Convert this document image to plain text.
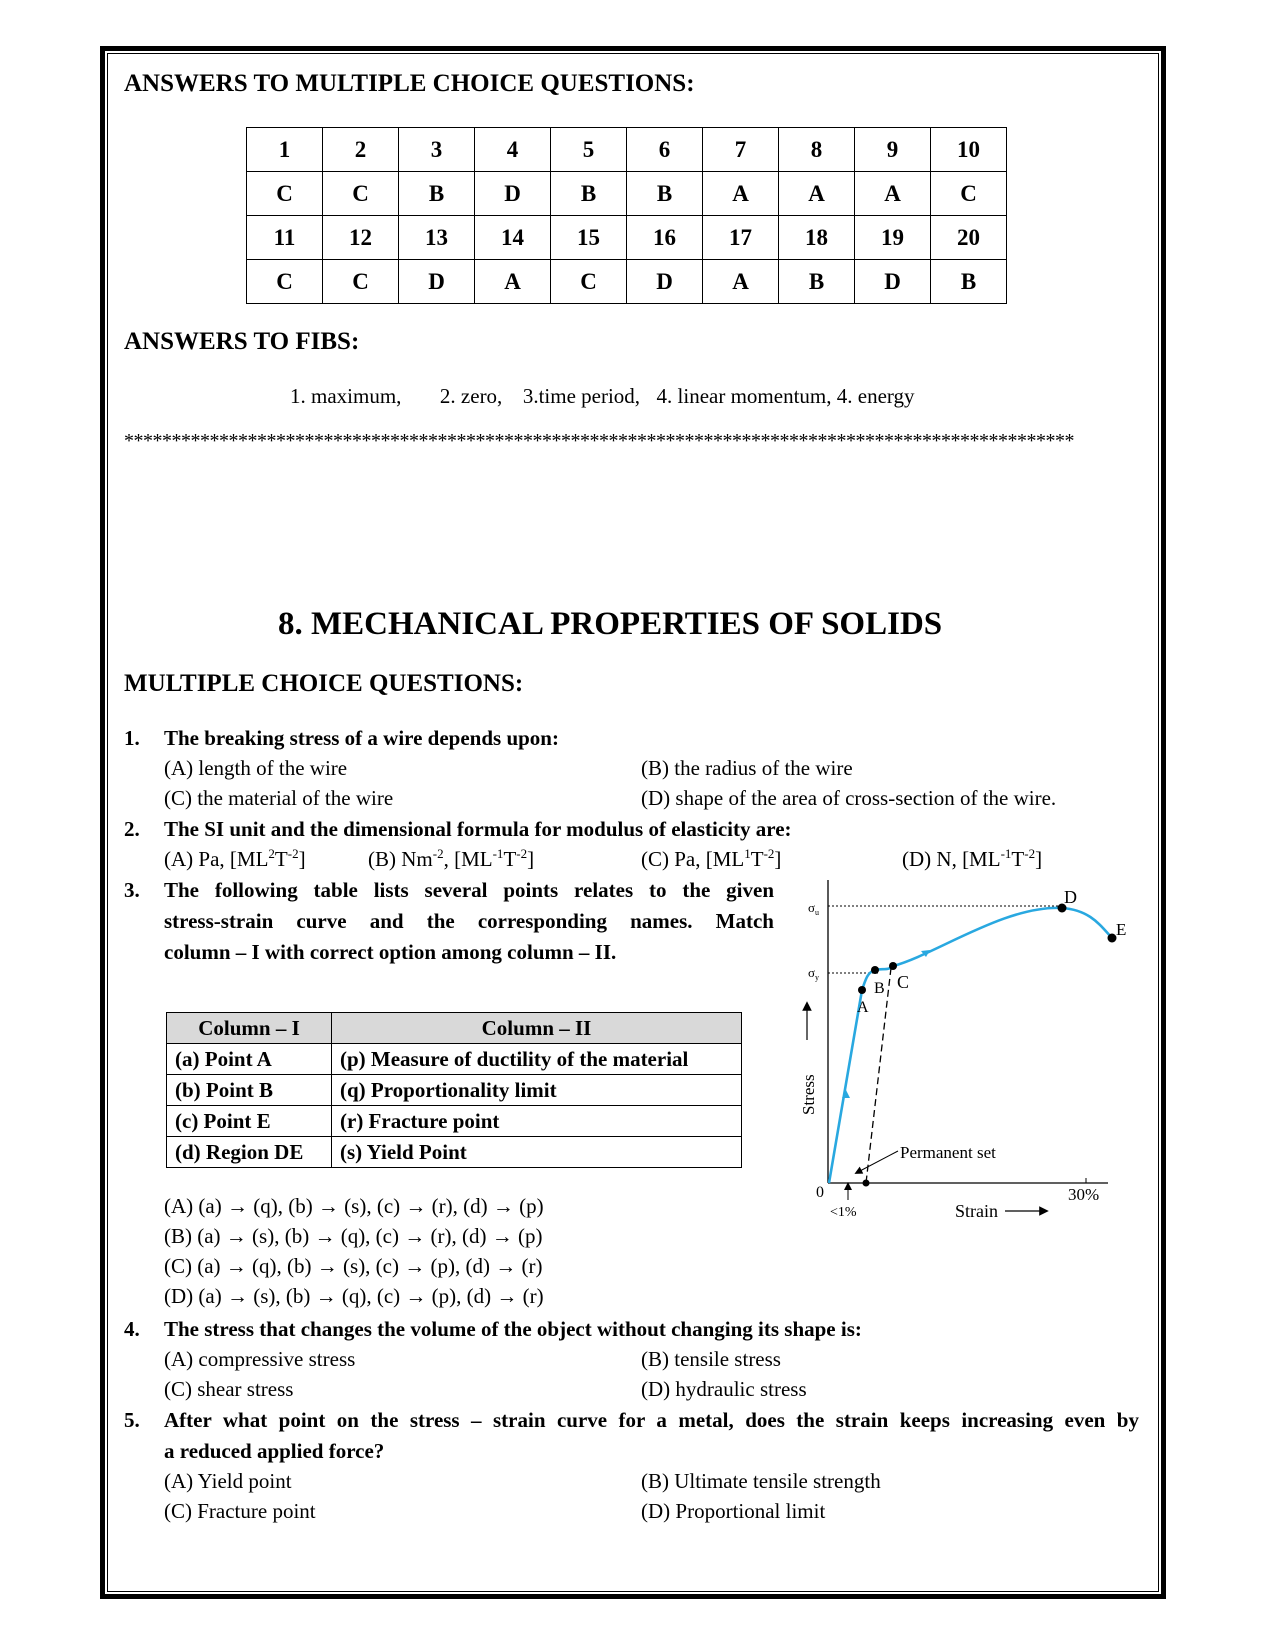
ANSWERS TO MULTIPLE CHOICE QUESTIONS:
1	2	3	4	5	6	7	8	9	10
C	C	B	D	B	B	A	A	A	C
11	12	13	14	15	16	17	18	19	20
C	C	D	A	C	D	A	B	D	B
ANSWERS TO FIBS:
1. maximum, 2. zero, 3.time period, 4. linear momentum, 4. energy
****************************************************************************************************
8. MECHANICAL PROPERTIES OF SOLIDS
MULTIPLE CHOICE QUESTIONS:
1. The breaking stress of a wire depends upon:
(A) length of the wire	(B) the radius of the wire
(C) the material of the wire	(D) shape of the area of cross-section of the wire.
2. The SI unit and the dimensional formula for modulus of elasticity are:
(A) Pa, $[ML^2T^{-2}]$	(B) $Nm^{-2}$, $[ML^{-1}T^{-2}]$	(C) Pa, $[ML^1T^{-2}]$	(D) N, $[ML^{-1}T^{-2}]$
3. The following table lists several points relates to the given
stress-strain curve and the corresponding names. Match
column – I with correct option among column – II.
Column – I	Column – II
(a) Point A	(p) Measure of ductility of the material
(b) Point B	(q) Proportionality limit
(c) Point E	(r) Fracture point
(d) Region DE	(s) Yield Point
(A) (a) → (q), (b) → (s), (c) → (r), (d) → (p)
(B) (a) → (s), (b) → (q), (c) → (r), (d) → (p)
(C) (a) → (q), (b) → (s), (c) → (p), (d) → (r)
(D) (a) → (s), (b) → (q), (c) → (p), (d) → (r)
$\sigma_u$
$\sigma_y$
Stress
Strain
0
<1%
30%
Permanent set
A
B C
D
E
4. The stress that changes the volume of the object without changing its shape is:
(A) compressive stress	(B) tensile stress
(C) shear stress	(D) hydraulic stress
5. After what point on the stress – strain curve for a metal, does the strain keeps increasing even by
a reduced applied force?
(A) Yield point	(B) Ultimate tensile strength
(C) Fracture point	(D) Proportional limit
